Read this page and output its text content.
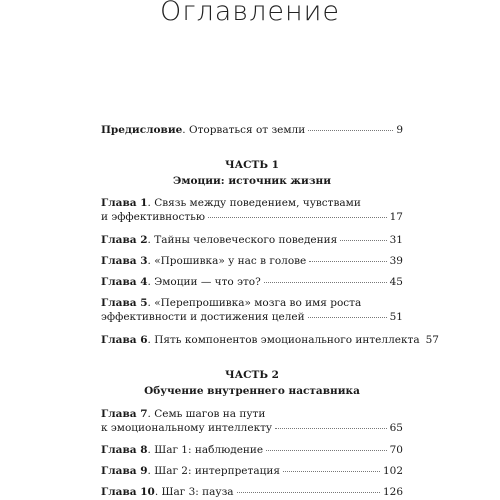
Оглавление
Предисловие. Оторваться от земли	9
ЧАСТЬ 1
Эмоции: источник жизни
Глава 1. Связь между поведением, чувствами
и эффективностью	17
Глава 2. Тайны человеческого поведения	31
Глава 3. «Прошивка» у нас в голове	39
Глава 4. Эмоции — что это?	45
Глава 5. «Перепрошивка» мозга во имя роста
эффективности и достижения целей	51
Глава 6. Пять компонентов эмоционального интеллекта 57
ЧАСТЬ 2
Обучение внутреннего наставника
Глава 7. Семь шагов на пути
к эмоциональному интеллекту	65
Глава 8. Шаг 1: наблюдение	70
Глава 9. Шаг 2: интерпретация	102
Глава 10. Шаг 3: пауза	126
